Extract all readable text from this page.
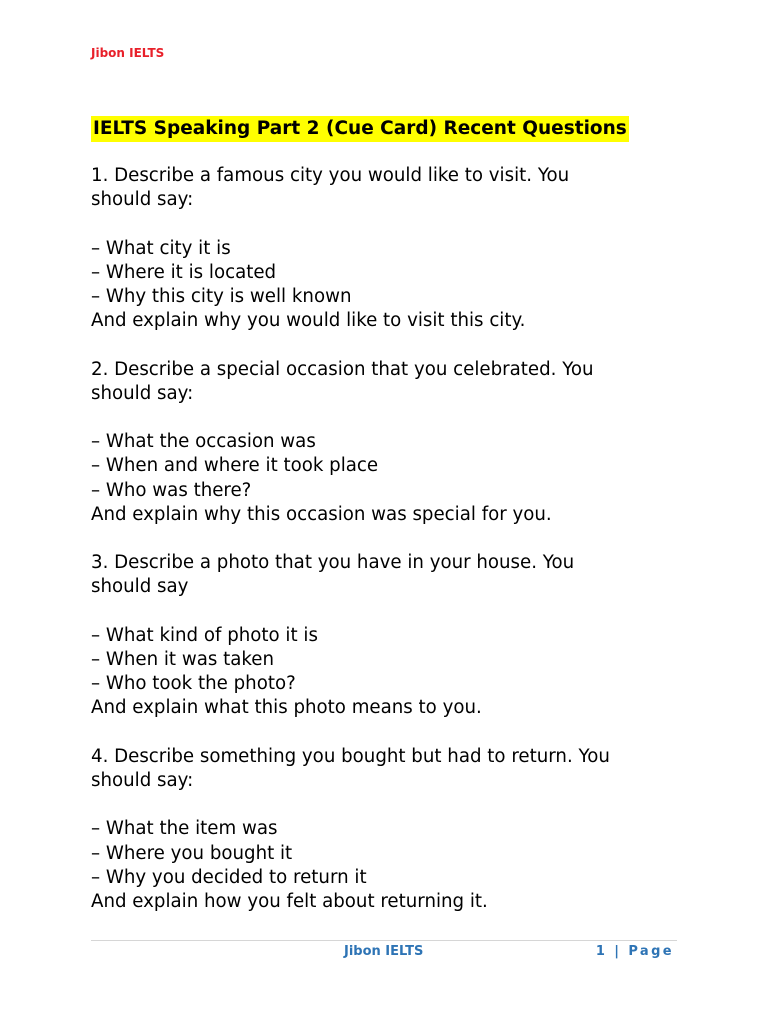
Jibon IELTS
IELTS Speaking Part 2 (Cue Card) Recent Questions
1. Describe a famous city you would like to visit. You
should say:
– What city it is
– Where it is located
– Why this city is well known
And explain why you would like to visit this city.
2. Describe a special occasion that you celebrated. You
should say:
– What the occasion was
– When and where it took place
– Who was there?
And explain why this occasion was special for you.
3. Describe a photo that you have in your house. You
should say
– What kind of photo it is
– When it was taken
– Who took the photo?
And explain what this photo means to you.
4. Describe something you bought but had to return. You
should say:
– What the item was
– Where you bought it
– Why you decided to return it
And explain how you felt about returning it.
Jibon IELTS	1 | Page
